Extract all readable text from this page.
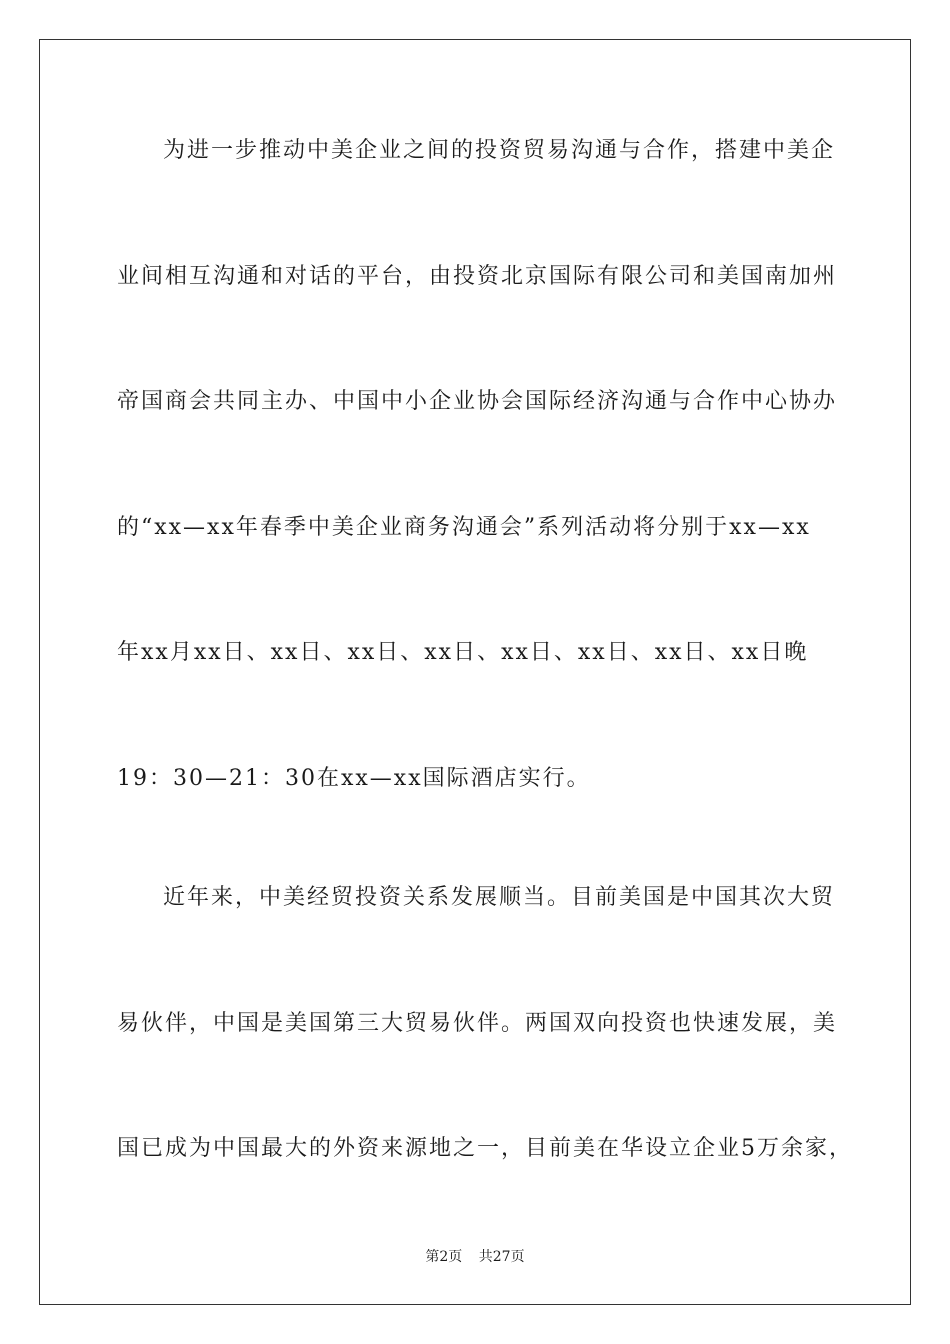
为进一步推动中美企业之间的投资贸易沟通与合作，搭建中美企
业间相互沟通和对话的平台，由投资北京国际有限公司和美国南加州
帝国商会共同主办、中国中小企业协会国际经济沟通与合作中心协办
的“xx—xx年春季中美企业商务沟通会”系列活动将分别于xx—xx
年xx月xx日、xx日、xx日、xx日、xx日、xx日、xx日、xx日晚
19：30—21：30在xx—xx国际酒店实行。
近年来，中美经贸投资关系发展顺当。目前美国是中国其次大贸
易伙伴，中国是美国第三大贸易伙伴。两国双向投资也快速发展，美
国已成为中国最大的外资来源地之一，目前美在华设立企业5万余家，
第2页 共27页
